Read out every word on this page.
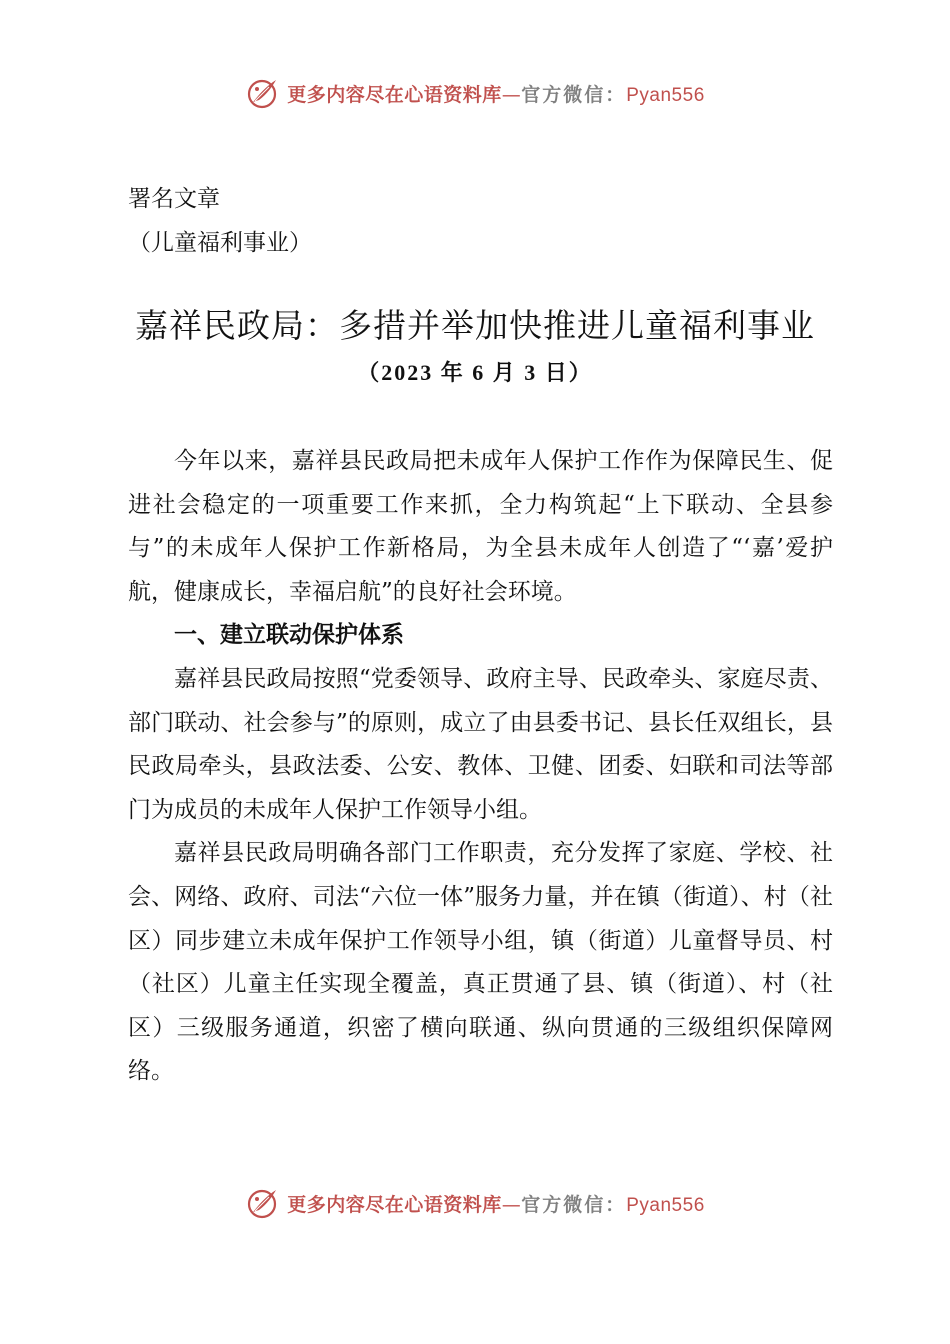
更多内容尽在心语资料库—官方微信：Pyan556
署名文章
（儿童福利事业）
嘉祥民政局：多措并举加快推进儿童福利事业
（2023 年 6 月 3 日）

今年以来，嘉祥县民政局把未成年人保护工作作为保障民生、促进社会稳定的一项重要工作来抓，全力构筑起“上下联动、全县参与”的未成年人保护工作新格局，为全县未成年人创造了“‘嘉’爱护航，健康成长，幸福启航”的良好社会环境。

一、建立联动保护体系

嘉祥县民政局按照“党委领导、政府主导、民政牵头、家庭尽责、部门联动、社会参与”的原则，成立了由县委书记、县长任双组长，县民政局牵头，县政法委、公安、教体、卫健、团委、妇联和司法等部门为成员的未成年人保护工作领导小组。

嘉祥县民政局明确各部门工作职责，充分发挥了家庭、学校、社会、网络、政府、司法“六位一体”服务力量，并在镇（街道）、村（社区）同步建立未成年保护工作领导小组，镇（街道）儿童督导员、村（社区）儿童主任实现全覆盖，真正贯通了县、镇（街道）、村（社区）三级服务通道，织密了横向联通、纵向贯通的三级组织保障网络。

更多内容尽在心语资料库—官方微信：Pyan556
